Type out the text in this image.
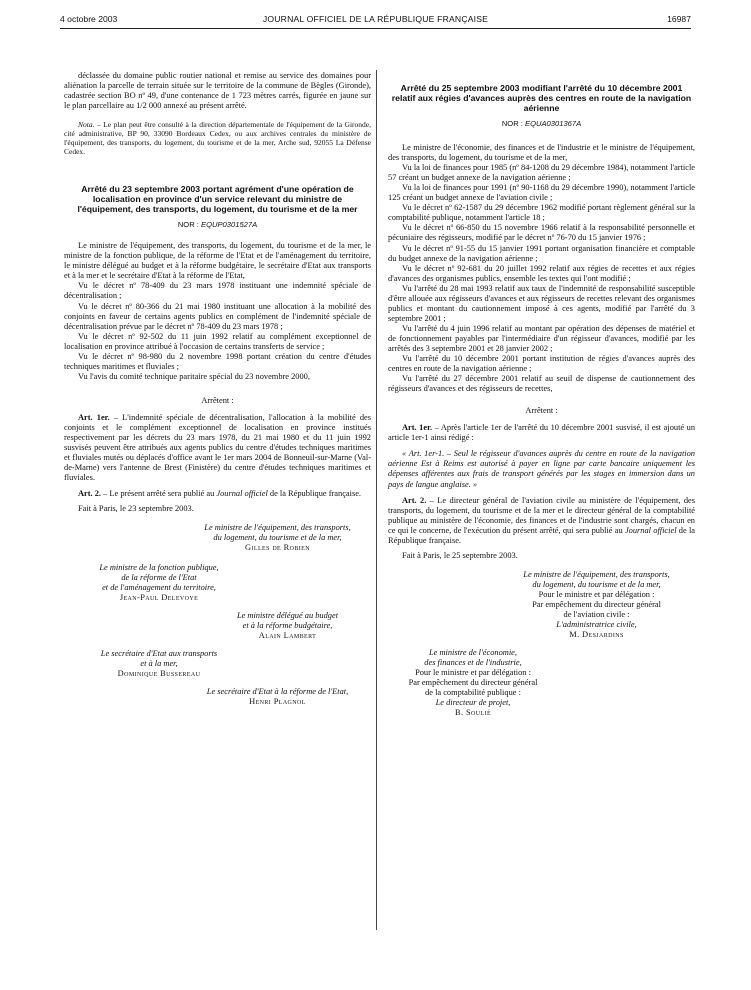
4 octobre 2003	JOURNAL OFFICIEL DE LA RÉPUBLIQUE FRANÇAISE	16987

déclassée du domaine public routier national et remise au service des domaines pour aliénation la parcelle de terrain située sur le territoire de la commune de Bègles (Gironde), cadastrée section BO nº 49, d'une contenance de 1 723 mètres carrés, figurée en jaune sur le plan parcellaire au 1/2 000 annexé au présent arrêté.

Nota. – Le plan peut être consulté à la direction départementale de l'équipement de la Gironde, cité administrative, BP 90, 33090 Bordeaux Cedex, ou aux archives centrales du ministère de l'équipement, des transports, du logement, du tourisme et de la mer, Arche sud, 92055 La Défense Cedex.

Arrêté du 23 septembre 2003 portant agrément d'une opération de localisation en province d'un service relevant du ministre de l'équipement, des transports, du logement, du tourisme et de la mer

NOR : EQUP0301527A

Le ministre de l'équipement, des transports, du logement, du tourisme et de la mer, le ministre de la fonction publique, de la réforme de l'Etat et de l'aménagement du territoire, le ministre délégué au budget et à la réforme budgétaire, le secrétaire d'Etat aux transports et à la mer et le secrétaire d'Etat à la réforme de l'Etat,

Vu le décret nº 78-409 du 23 mars 1978 instituant une indemnité spéciale de décentralisation ;

Vu le décret nº 80-366 du 21 mai 1980 instituant une allocation à la mobilité des conjoints en faveur de certains agents publics en complément de l'indemnité spéciale de décentralisation prévue par le décret nº 78-409 du 23 mars 1978 ;

Vu le décret nº 92-502 du 11 juin 1992 relatif au complément exceptionnel de localisation en province attribué à l'occasion de certains transferts de service ;

Vu le décret nº 98-980 du 2 novembre 1998 portant création du centre d'études techniques maritimes et fluviales ;

Vu l'avis du comité technique paritaire spécial du 23 novembre 2000,

Arrêtent :

Art. 1er. – L'indemnité spéciale de décentralisation, l'allocation à la mobilité des conjoints et le complément exceptionnel de localisation en province institués respectivement par les décrets du 23 mars 1978, du 21 mai 1980 et du 11 juin 1992 susvisés peuvent être attribués aux agents publics du centre d'études techniques maritimes et fluviales mutés ou déplacés d'office avant le 1er mars 2004 de Bonneuil-sur-Marne (Val-de-Marne) vers l'antenne de Brest (Finistère) du centre d'études techniques maritimes et fluviales.

Art. 2. – Le présent arrêté sera publié au Journal officiel de la République française.

Fait à Paris, le 23 septembre 2003.

Le ministre de l'équipement, des transports,
du logement, du tourisme et de la mer,
Gilles de Robien
Le ministre de la fonction publique,
de la réforme de l'Etat
et de l'aménagement du territoire,
Jean-Paul Delevoye
Le ministre délégué au budget
et à la réforme budgétaire,
Alain Lambert
Le secrétaire d'Etat aux transports
et à la mer,
Dominique Bussereau
Le secrétaire d'Etat à la réforme de l'Etat,
Henri Plagnol

Arrêté du 25 septembre 2003 modifiant l'arrêté du 10 décembre 2001 relatif aux régies d'avances auprès des centres en route de la navigation aérienne

NOR : EQUA0301367A

Le ministre de l'économie, des finances et de l'industrie et le ministre de l'équipement, des transports, du logement, du tourisme et de la mer,

Vu la loi de finances pour 1985 (nº 84-1208 du 29 décembre 1984), notamment l'article 57 créant un budget annexe de la navigation aérienne ;

Vu la loi de finances pour 1991 (nº 90-1168 du 29 décembre 1990), notamment l'article 125 créant un budget annexe de l'aviation civile ;

Vu le décret nº 62-1587 du 29 décembre 1962 modifié portant règlement général sur la comptabilité publique, notamment l'article 18 ;

Vu le décret nº 66-850 du 15 novembre 1966 relatif à la responsabilité personnelle et pécuniaire des régisseurs, modifié par le décret nº 76-70 du 15 janvier 1976 ;

Vu le décret nº 91-55 du 15 janvier 1991 portant organisation financière et comptable du budget annexe de la navigation aérienne ;

Vu le décret nº 92-681 du 20 juillet 1992 relatif aux régies de recettes et aux régies d'avances des organismes publics, ensemble les textes qui l'ont modifié ;

Vu l'arrêté du 28 mai 1993 relatif aux taux de l'indemnité de responsabilité susceptible d'être allouée aux régisseurs d'avances et aux régisseurs de recettes relevant des organismes publics et montant du cautionnement imposé à ces agents, modifié par l'arrêté du 3 septembre 2001 ;

Vu l'arrêté du 4 juin 1996 relatif au montant par opération des dépenses de matériel et de fonctionnement payables par l'intermédiaire d'un régisseur d'avances, modifié par les arrêtés des 3 septembre 2001 et 28 janvier 2002 ;

Vu l'arrêté du 10 décembre 2001 portant institution de régies d'avances auprès des centres en route de la navigation aérienne ;

Vu l'arrêté du 27 décembre 2001 relatif au seuil de dispense de cautionnement des régisseurs d'avances et des régisseurs de recettes,

Arrêtent :

Art. 1er. – Après l'article 1er de l'arrêté du 10 décembre 2001 susvisé, il est ajouté un article 1er-1 ainsi rédigé :

« Art. 1er-1. – Seul le régisseur d'avances auprès du centre en route de la navigation aérienne Est à Reims est autorisé à payer en ligne par carte bancaire uniquement les dépenses afférentes aux frais de transport générés par les stages en immersion dans un pays de langue anglaise. »

Art. 2. – Le directeur général de l'aviation civile au ministère de l'équipement, des transports, du logement, du tourisme et de la mer et le directeur général de la comptabilité publique au ministère de l'économie, des finances et de l'industrie sont chargés, chacun en ce qui le concerne, de l'exécution du présent arrêté, qui sera publié au Journal officiel de la République française.

Fait à Paris, le 25 septembre 2003.

Le ministre de l'équipement, des transports,
du logement, du tourisme et de la mer,
Pour le ministre et par délégation :
Par empêchement du directeur général
de l'aviation civile :
L'administratrice civile,
M. Desjardins
Le ministre de l'économie,
des finances et de l'industrie,
Pour le ministre et par délégation :
Par empêchement du directeur général
de la comptabilité publique :
Le directeur de projet,
B. Soulié
